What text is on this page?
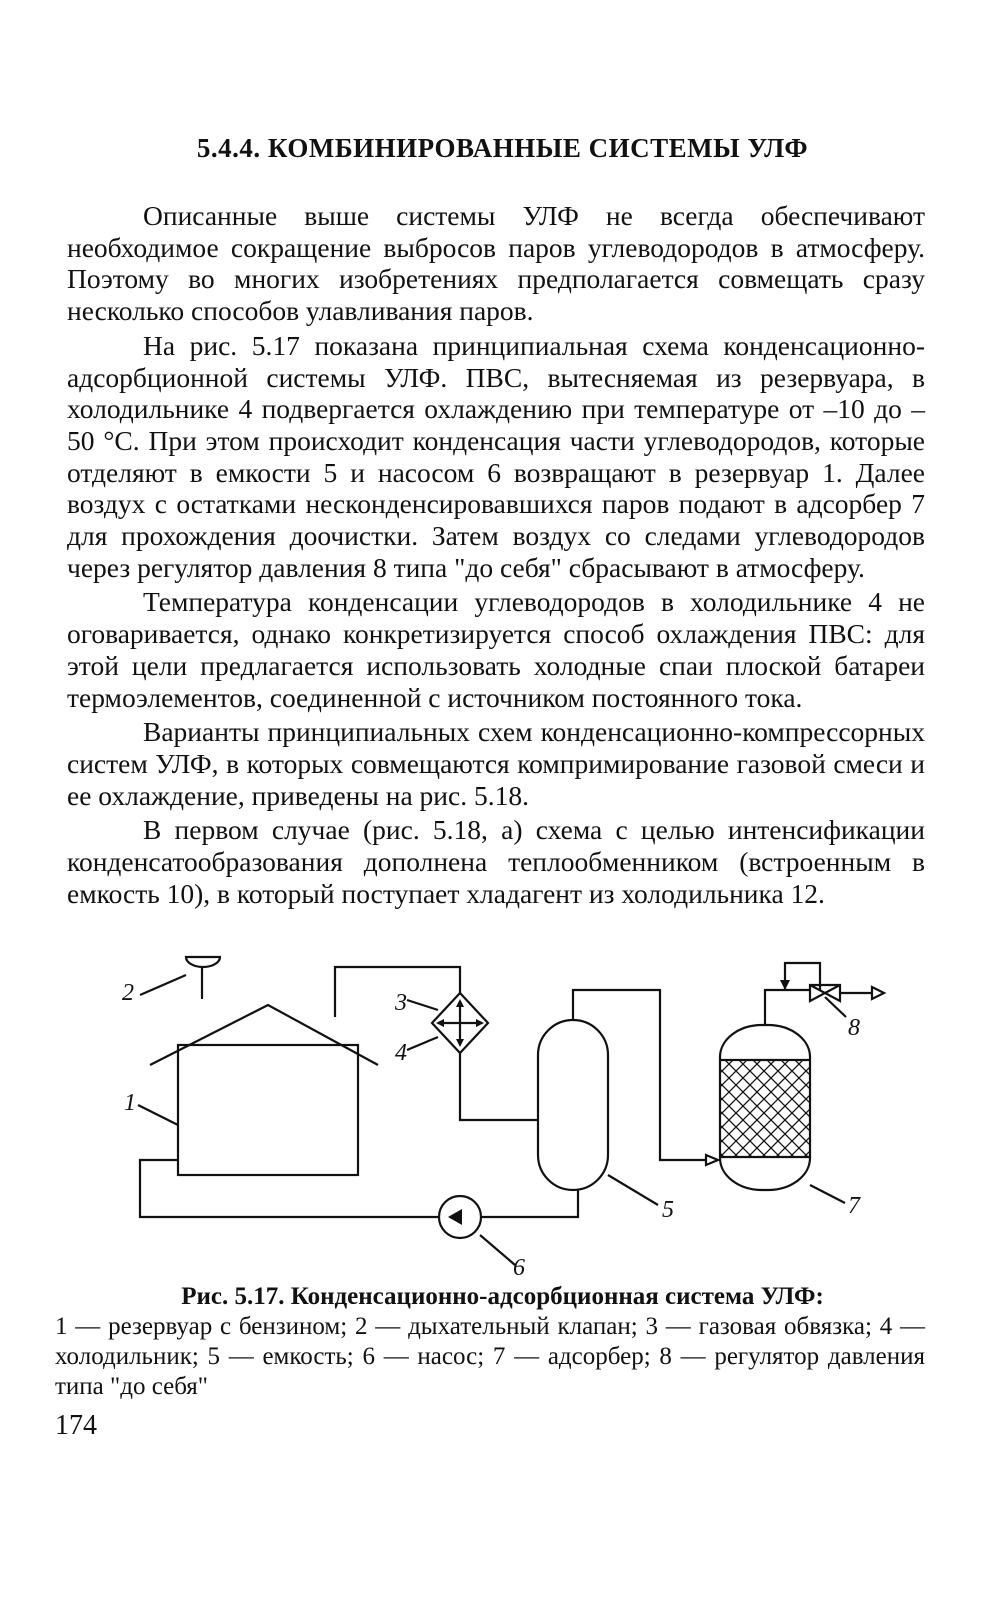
5.4.4. КОМБИНИРОВАННЫЕ СИСТЕМЫ УЛФ

Описанные выше системы УЛФ не всегда обеспечивают необходимое сокращение выбросов паров углеводородов в атмосферу. Поэтому во многих изобретениях предполагается совмещать сразу несколько способов улавливания паров.

На рис. 5.17 показана принципиальная схема конденсационно-адсорбционной системы УЛФ. ПВС, вытесняемая из резервуара, в холодильнике 4 подвергается охлаждению при температуре от –10 до –50 °С. При этом происходит конденсация части углеводородов, которые отделяют в емкости 5 и насосом 6 возвращают в резервуар 1. Далее воздух с остатками несконденсировавшихся паров подают в адсорбер 7 для прохождения доочистки. Затем воздух со следами углеводородов через регулятор давления 8 типа "до себя" сбрасывают в атмосферу.

Температура конденсации углеводородов в холодильнике 4 не оговаривается, однако конкретизируется способ охлаждения ПВС: для этой цели предлагается использовать холодные спаи плоской батареи термоэлементов, соединенной с источником постоянного тока.

Варианты принципиальных схем конденсационно-компрессорных систем УЛФ, в которых совмещаются компримирование газовой смеси и ее охлаждение, приведены на рис. 5.18.

В первом случае (рис. 5.18, а) схема с целью интенсификации конденсатообразования дополнена теплообменником (встроенным в емкость 10), в который поступает хладагент из холодильника 12.

2
1
3
4
5	7
6
8

Рис. 5.17. Конденсационно-адсорбционная система УЛФ:

1 — резервуар с бензином; 2 — дыхательный клапан; 3 — газовая обвязка; 4 — холодильник; 5 — емкость; 6 — насос; 7 — адсорбер; 8 — регулятор давления типа "до себя"

174
